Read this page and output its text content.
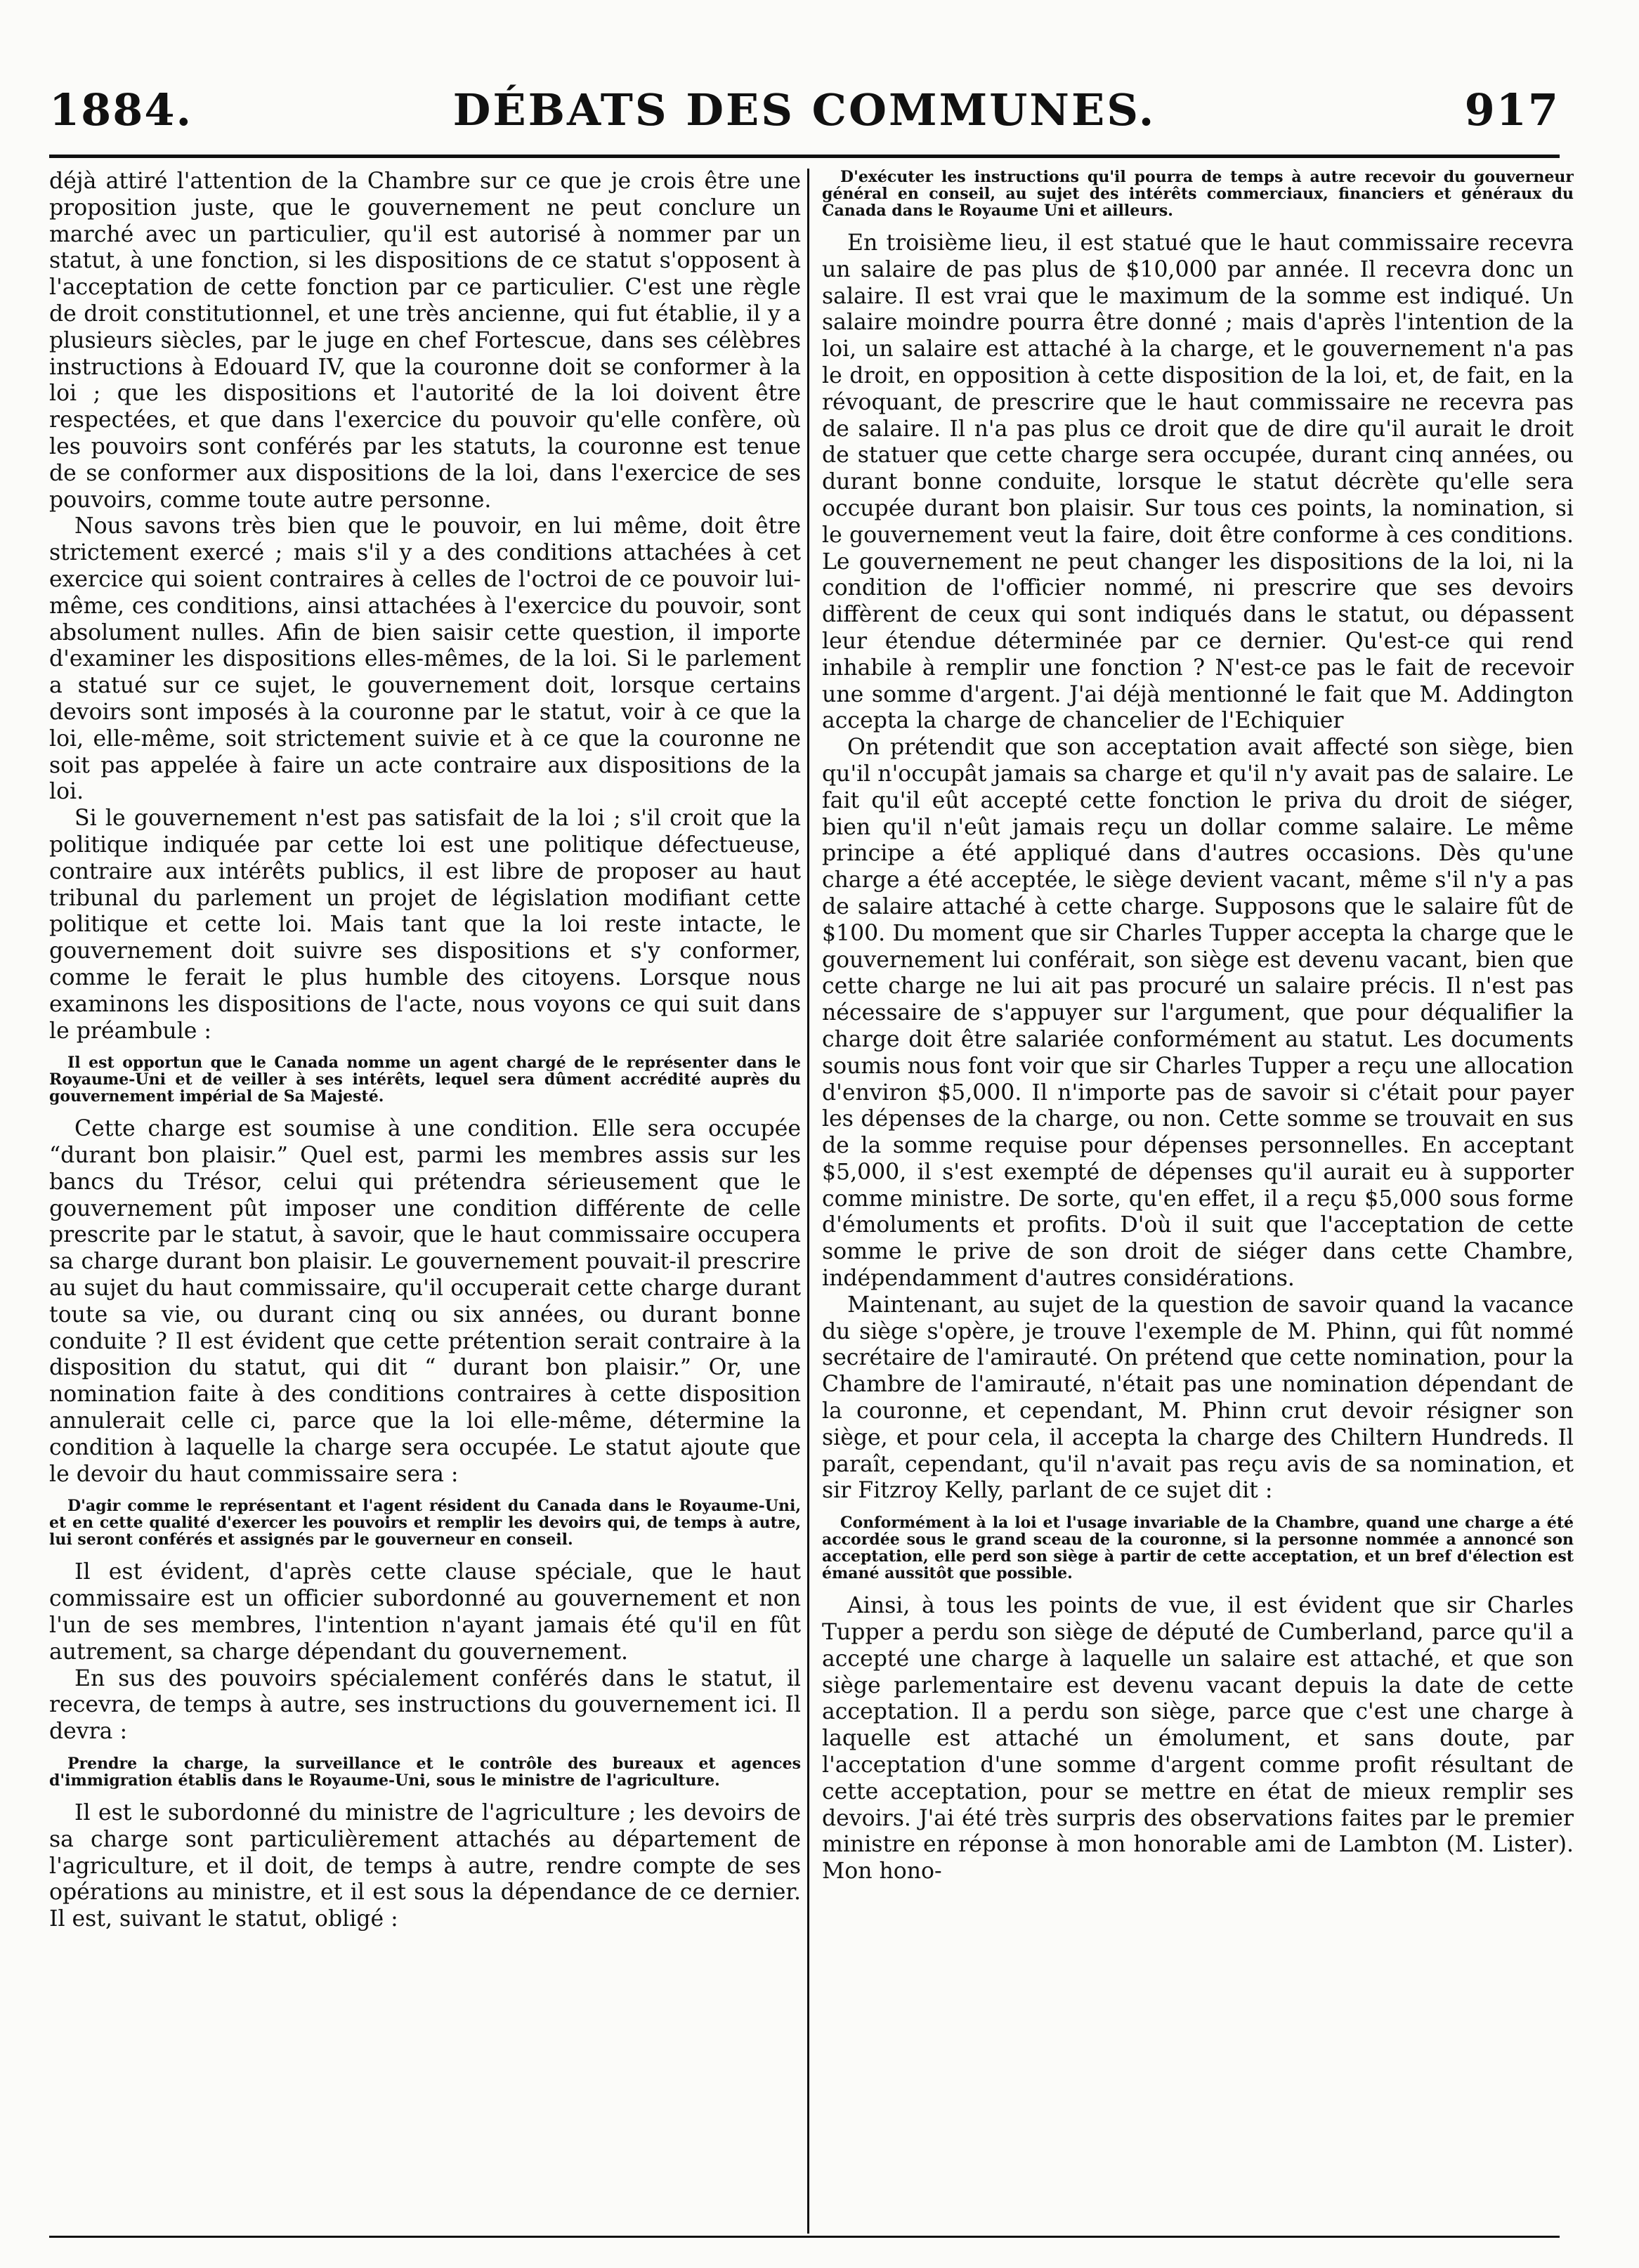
1884.	DÉBATS DES COMMUNES.	917

déjà attiré l'attention de la Chambre sur ce que je crois être une proposition juste, que le gouvernement ne peut conclure un marché avec un particulier, qu'il est autorisé à nommer par un statut, à une fonction, si les dispositions de ce statut s'opposent à l'acceptation de cette fonction par ce particulier. C'est une règle de droit constitutionnel, et une très ancienne, qui fut établie, il y a plusieurs siècles, par le juge en chef Fortescue, dans ses célèbres instructions à Edouard IV, que la couronne doit se conformer à la loi ; que les dispositions et l'autorité de la loi doivent être respectées, et que dans l'exercice du pouvoir qu'elle confère, où les pouvoirs sont conférés par les statuts, la couronne est tenue de se conformer aux dispositions de la loi, dans l'exercice de ses pouvoirs, comme toute autre personne.

Nous savons très bien que le pouvoir, en lui même, doit être strictement exercé ; mais s'il y a des conditions attachées à cet exercice qui soient contraires à celles de l'octroi de ce pouvoir lui-même, ces conditions, ainsi attachées à l'exercice du pouvoir, sont absolument nulles. Afin de bien saisir cette question, il importe d'examiner les dispositions elles-mêmes, de la loi. Si le parlement a statué sur ce sujet, le gouvernement doit, lorsque certains devoirs sont imposés à la couronne par le statut, voir à ce que la loi, elle-même, soit strictement suivie et à ce que la couronne ne soit pas appelée à faire un acte contraire aux dispositions de la loi.

Si le gouvernement n'est pas satisfait de la loi ; s'il croit que la politique indiquée par cette loi est une politique défectueuse, contraire aux intérêts publics, il est libre de proposer au haut tribunal du parlement un projet de législation modifiant cette politique et cette loi. Mais tant que la loi reste intacte, le gouvernement doit suivre ses dispositions et s'y conformer, comme le ferait le plus humble des citoyens. Lorsque nous examinons les dispositions de l'acte, nous voyons ce qui suit dans le préambule :

Il est opportun que le Canada nomme un agent chargé de le représenter dans le Royaume-Uni et de veiller à ses intérêts, lequel sera dûment accrédité auprès du gouvernement impérial de Sa Majesté.

Cette charge est soumise à une condition. Elle sera occupée “durant bon plaisir.” Quel est, parmi les membres assis sur les bancs du Trésor, celui qui prétendra sérieusement que le gouvernement pût imposer une condition différente de celle prescrite par le statut, à savoir, que le haut commissaire occupera sa charge durant bon plaisir. Le gouvernement pouvait-il prescrire au sujet du haut commissaire, qu'il occuperait cette charge durant toute sa vie, ou durant cinq ou six années, ou durant bonne conduite ? Il est évident que cette prétention serait contraire à la disposition du statut, qui dit “ durant bon plaisir.” Or, une nomination faite à des conditions contraires à cette disposition annulerait celle ci, parce que la loi elle-même, détermine la condition à laquelle la charge sera occupée. Le statut ajoute que le devoir du haut commissaire sera :

D'agir comme le représentant et l'agent résident du Canada dans le Royaume-Uni, et en cette qualité d'exercer les pouvoirs et remplir les devoirs qui, de temps à autre, lui seront conférés et assignés par le gouverneur en conseil.

Il est évident, d'après cette clause spéciale, que le haut commissaire est un officier subordonné au gouvernement et non l'un de ses membres, l'intention n'ayant jamais été qu'il en fût autrement, sa charge dépendant du gouvernement.

En sus des pouvoirs spécialement conférés dans le statut, il recevra, de temps à autre, ses instructions du gouvernement ici. Il devra :

Prendre la charge, la surveillance et le contrôle des bureaux et agences d'immigration établis dans le Royaume-Uni, sous le ministre de l'agriculture.

Il est le subordonné du ministre de l'agriculture ; les devoirs de sa charge sont particulièrement attachés au département de l'agriculture, et il doit, de temps à autre, rendre compte de ses opérations au ministre, et il est sous la dépendance de ce dernier. Il est, suivant le statut, obligé :

D'exécuter les instructions qu'il pourra de temps à autre recevoir du gouverneur général en conseil, au sujet des intérêts commerciaux, financiers et généraux du Canada dans le Royaume Uni et ailleurs.

En troisième lieu, il est statué que le haut commissaire recevra un salaire de pas plus de $10,000 par année. Il recevra donc un salaire. Il est vrai que le maximum de la somme est indiqué. Un salaire moindre pourra être donné ; mais d'après l'intention de la loi, un salaire est attaché à la charge, et le gouvernement n'a pas le droit, en opposition à cette disposition de la loi, et, de fait, en la révoquant, de prescrire que le haut commissaire ne recevra pas de salaire. Il n'a pas plus ce droit que de dire qu'il aurait le droit de statuer que cette charge sera occupée, durant cinq années, ou durant bonne conduite, lorsque le statut décrète qu'elle sera occupée durant bon plaisir. Sur tous ces points, la nomination, si le gouvernement veut la faire, doit être conforme à ces conditions. Le gouvernement ne peut changer les dispositions de la loi, ni la condition de l'officier nommé, ni prescrire que ses devoirs diffèrent de ceux qui sont indiqués dans le statut, ou dépassent leur étendue déterminée par ce dernier. Qu'est-ce qui rend inhabile à remplir une fonction ? N'est-ce pas le fait de recevoir une somme d'argent. J'ai déjà mentionné le fait que M. Addington accepta la charge de chancelier de l'Echiquier

On prétendit que son acceptation avait affecté son siège, bien qu'il n'occupât jamais sa charge et qu'il n'y avait pas de salaire. Le fait qu'il eût accepté cette fonction le priva du droit de siéger, bien qu'il n'eût jamais reçu un dollar comme salaire. Le même principe a été appliqué dans d'autres occasions. Dès qu'une charge a été acceptée, le siège devient vacant, même s'il n'y a pas de salaire attaché à cette charge. Supposons que le salaire fût de $100. Du moment que sir Charles Tupper accepta la charge que le gouvernement lui conférait, son siège est devenu vacant, bien que cette charge ne lui ait pas procuré un salaire précis. Il n'est pas nécessaire de s'appuyer sur l'argument, que pour déqualifier la charge doit être salariée conformément au statut. Les documents soumis nous font voir que sir Charles Tupper a reçu une allocation d'environ $5,000. Il n'importe pas de savoir si c'était pour payer les dépenses de la charge, ou non. Cette somme se trouvait en sus de la somme requise pour dépenses personnelles. En acceptant $5,000, il s'est exempté de dépenses qu'il aurait eu à supporter comme ministre. De sorte, qu'en effet, il a reçu $5,000 sous forme d'émoluments et profits. D'où il suit que l'acceptation de cette somme le prive de son droit de siéger dans cette Chambre, indépendamment d'autres considérations.

Maintenant, au sujet de la question de savoir quand la vacance du siège s'opère, je trouve l'exemple de M. Phinn, qui fût nommé secrétaire de l'amirauté. On prétend que cette nomination, pour la Chambre de l'amirauté, n'était pas une nomination dépendant de la couronne, et cependant, M. Phinn crut devoir résigner son siège, et pour cela, il accepta la charge des Chiltern Hundreds. Il paraît, cependant, qu'il n'avait pas reçu avis de sa nomination, et sir Fitzroy Kelly, parlant de ce sujet dit :

Conformément à la loi et l'usage invariable de la Chambre, quand une charge a été accordée sous le grand sceau de la couronne, si la personne nommée a annoncé son acceptation, elle perd son siège à partir de cette acceptation, et un bref d'élection est émané aussitôt que possible.

Ainsi, à tous les points de vue, il est évident que sir Charles Tupper a perdu son siège de député de Cumberland, parce qu'il a accepté une charge à laquelle un salaire est attaché, et que son siège parlementaire est devenu vacant depuis la date de cette acceptation. Il a perdu son siège, parce que c'est une charge à laquelle est attaché un émolument, et sans doute, par l'acceptation d'une somme d'argent comme profit résultant de cette acceptation, pour se mettre en état de mieux remplir ses devoirs. J'ai été très surpris des observations faites par le premier ministre en réponse à mon honorable ami de Lambton (M. Lister). Mon hono-
